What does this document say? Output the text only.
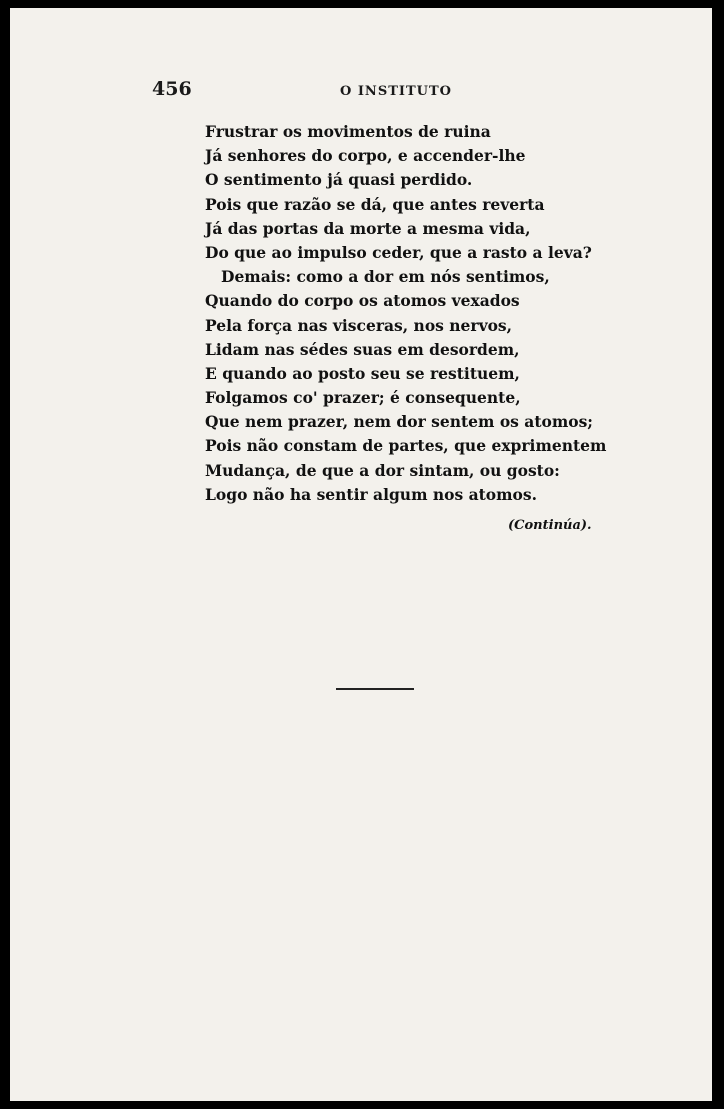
456	O INSTITUTO
Frustrar os movimentos de ruina
Já senhores do corpo, e accender-lhe
O sentimento já quasi perdido.
Pois que razão se dá, que antes reverta
Já das portas da morte a mesma vida,
Do que ao impulso ceder, que a rasto a leva?
Demais: como a dor em nós sentimos,
Quando do corpo os atomos vexados
Pela força nas visceras, nos nervos,
Lidam nas sédes suas em desordem,
E quando ao posto seu se restituem,
Folgamos co' prazer; é consequente,
Que nem prazer, nem dor sentem os atomos;
Pois não constam de partes, que exprimentem
Mudança, de que a dor sintam, ou gosto:
Logo não ha sentir algum nos atomos.
(Continúa).
